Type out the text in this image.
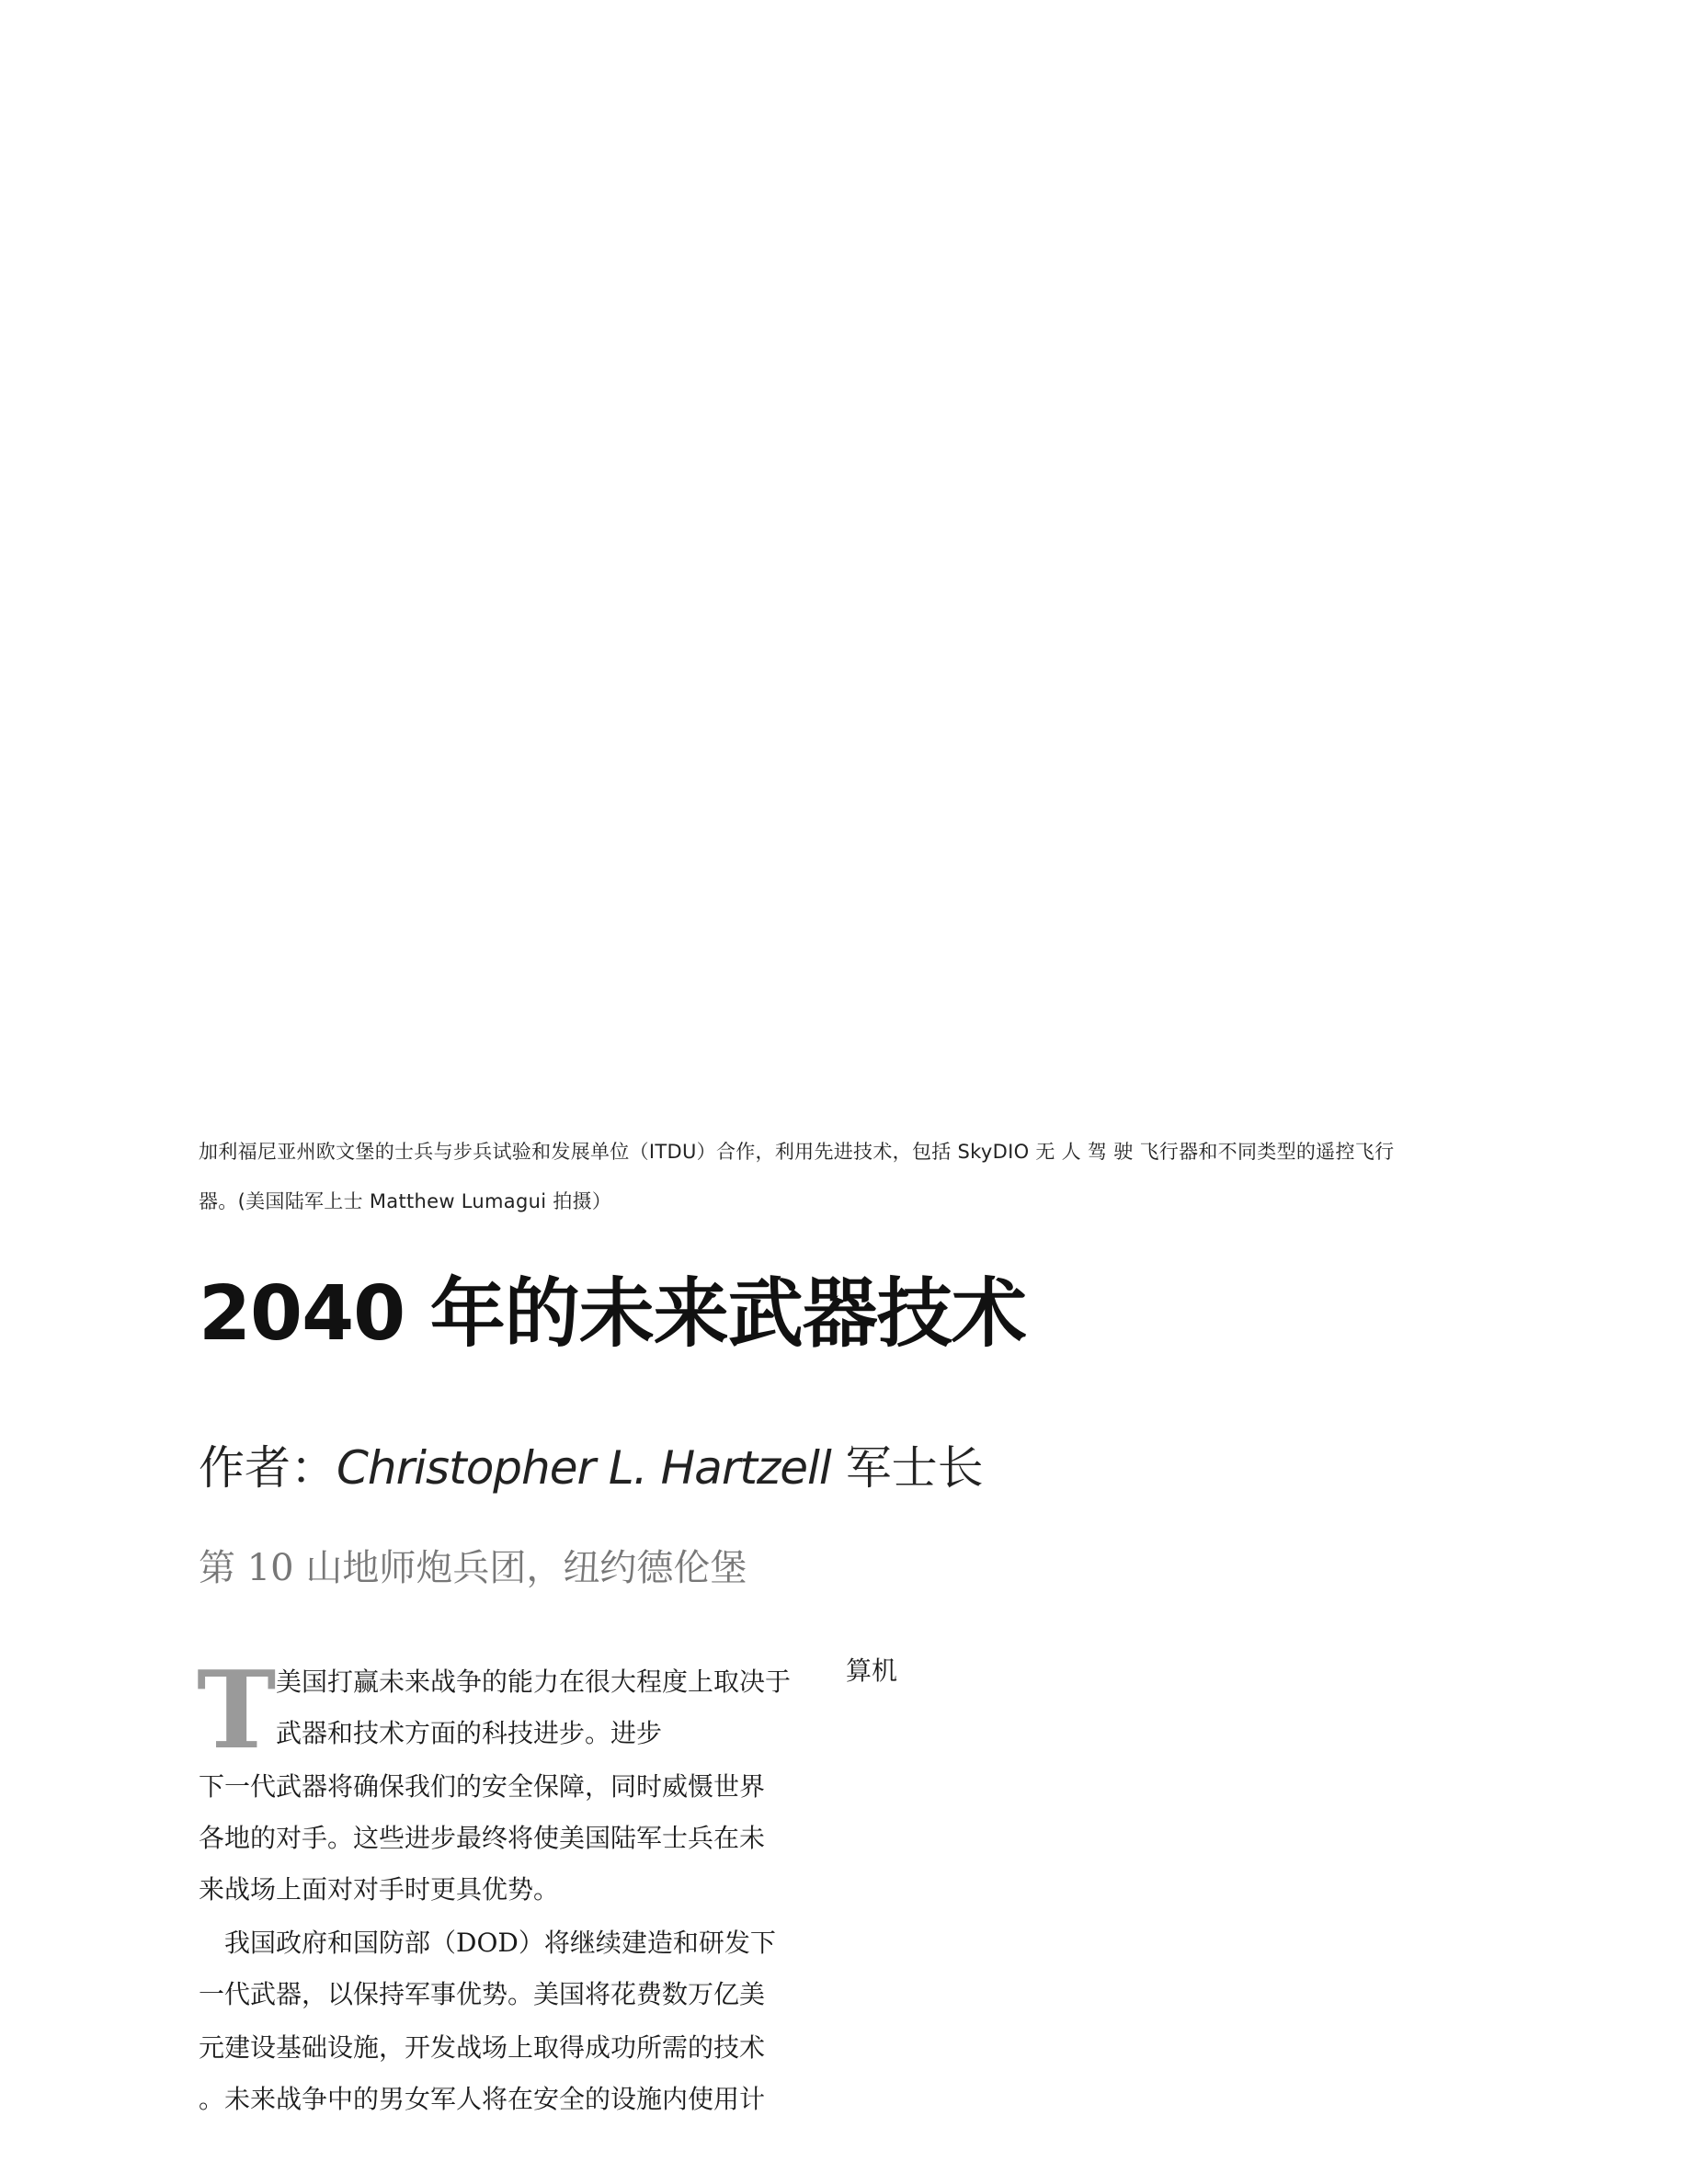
加利福尼亚州欧文堡的士兵与步兵试验和发展单位（ITDU）合作，利用先进技术，包括 SkyDIO 无 人 驾 驶 飞行器和不同类型的遥控飞行
器。(美国陆军上士 Matthew Lumagui 拍摄）
2040 年的未来武器技术
作者：Christopher L. Hartzell 军士长
第 10 山地师炮兵团，纽约德伦堡
T	算机
美国打赢未来战争的能力在很大程度上取决于
武器和技术方面的科技进步。进步
下一代武器将确保我们的安全保障，同时威慑世界
各地的对手。这些进步最终将使美国陆军士兵在未
来战场上面对对手时更具优势。
　我国政府和国防部（DOD）将继续建造和研发下
一代武器，以保持军事优势。美国将花费数万亿美
元建设基础设施，开发战场上取得成功所需的技术
。未来战争中的男女军人将在安全的设施内使用计
